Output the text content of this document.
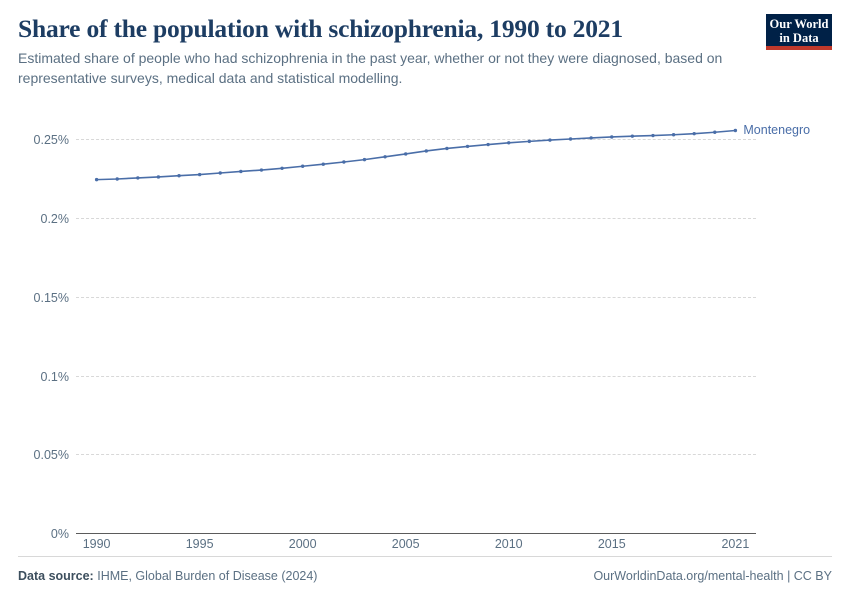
Share of the population with schizophrenia, 1990 to 2021

Estimated share of people who had schizophrenia in the past year, whether or not they were diagnosed, based on representative surveys, medical data and statistical modelling.

Our World
in Data
0%
0.05%
0.1%
0.15%
0.2%
0.25%
Montenegro
1990	1995	2000	2005	2010	2015	2021
Data source: IHME, Global Burden of Disease (2024)	OurWorldinData.org/mental-health | CC BY
